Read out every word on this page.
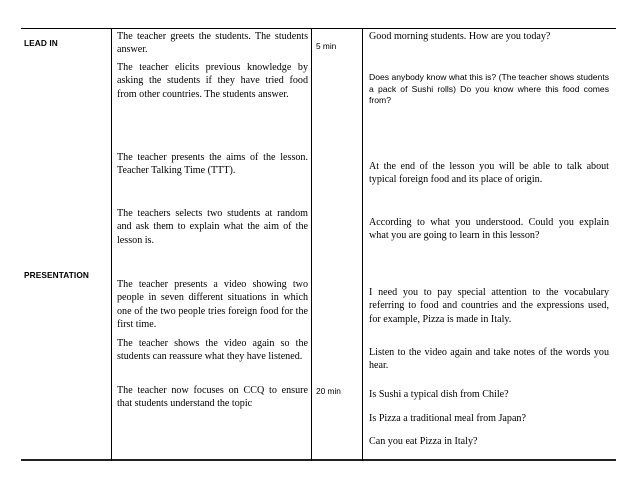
LEAD IN
PRESENTATION
The teacher greets the students. The students answer.
The teacher elicits previous knowledge by asking the students if they have tried food from other countries. The students answer.
The teacher presents the aims of the lesson. Teacher Talking Time (TTT).
The teachers selects two students at random and ask them to explain what the aim of the lesson is.
The teacher presents a video showing two people in seven different situations in which one of the two people tries foreign food for the first time.
The teacher shows the video again so the students can reassure what they have listened.
The teacher now focuses on CCQ to ensure that students understand the topic
5 min
20 min
Good morning students. How are you today?
Does anybody know what this is? (The teacher shows students a pack of Sushi rolls) Do you know where this food comes from?
At the end of the lesson you will be able to talk about typical foreign food and its place of origin.
According to what you understood. Could you explain what you are going to learn in this lesson?
I need you to pay special attention to the vocabulary referring to food and countries and the expressions used, for example, Pizza is made in Italy.
Listen to the video again and take notes of the words you hear.
Is Sushi a typical dish from Chile?
Is Pizza a traditional meal from Japan?
Can you eat Pizza in Italy?
